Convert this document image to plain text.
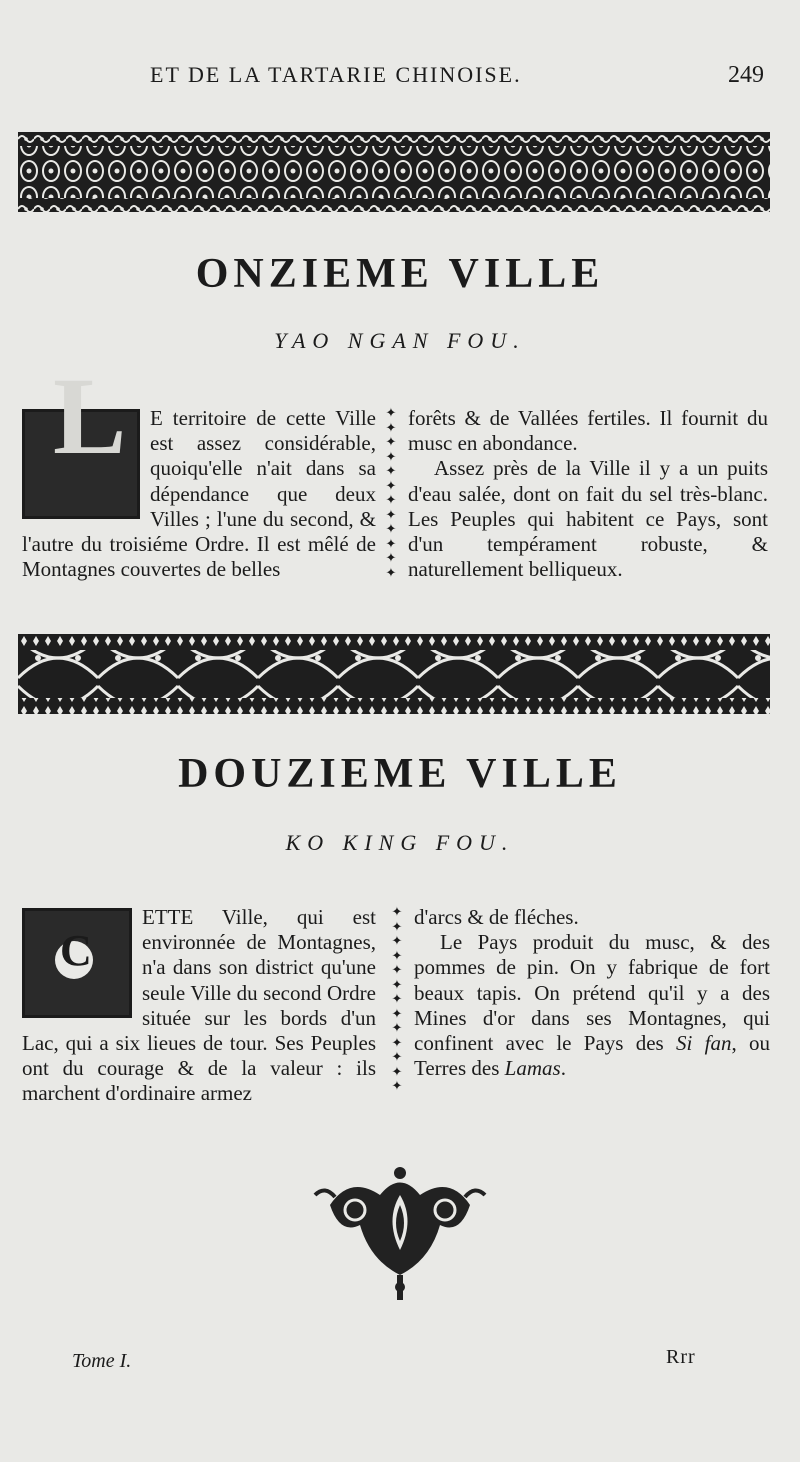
ET DE LA TARTARIE CHINOISE.	249
ONZIEME VILLE
YAO NGAN FOU.
L	E territoire de cette Ville est assez considérable, quoiqu'elle n'ait dans sa dépendance que deux Villes ; l'une du second, & l'autre du troisiéme Ordre. Il est mêlé de Montagnes couvertes de belles

✦
✦
✦
✦
✦
✦
✦
✦
✦
✦
✦
✦

forêts & de Vallées fertiles. Il fournit du musc en abondance.

Assez près de la Ville il y a un puits d'eau salée, dont on fait du sel très-blanc. Les Peuples qui habitent ce Pays, sont d'un tempérament robuste, & naturellement belliqueux.

DOUZIEME VILLE
KO KING FOU.
C

ETTE Ville, qui est environnée de Montagnes, n'a dans son district qu'une seule Ville du second Ordre située sur les bords d'un Lac, qui a six lieues de tour. Ses Peuples ont du courage & de la valeur : ils marchent d'ordinaire armez

✦
✦
✦
✦
✦
✦
✦
✦
✦
✦
✦
✦
✦

d'arcs & de fléches.

Le Pays produit du musc, & des pommes de pin. On y fabrique de fort beaux tapis. On prétend qu'il y a des Mines d'or dans ses Montagnes, qui confinent avec le Pays des Si fan, ou Terres des Lamas.

Tome I.	Rrr
